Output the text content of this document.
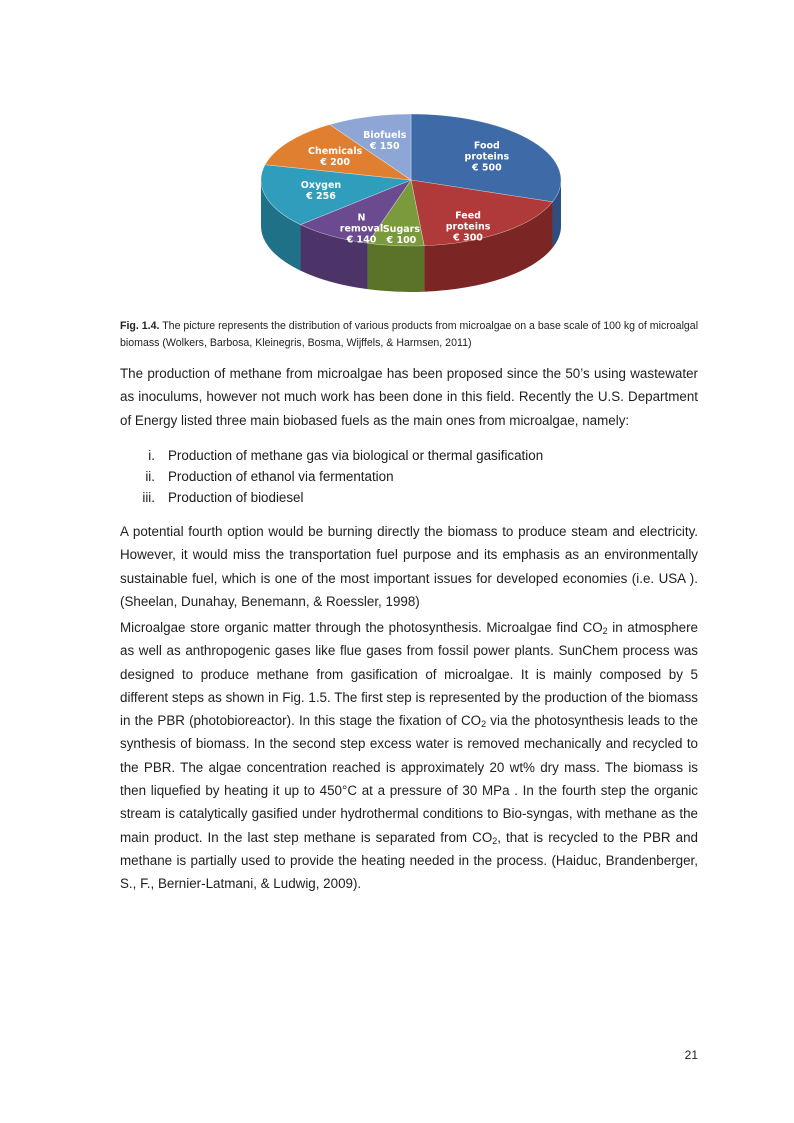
Food
proteins
€ 500
Feed
proteins
€ 300
Sugars
€ 100
N
removal
€ 140
Oxygen
€ 256
Chemicals
€ 200
Biofuels
€ 150
Fig. 1.4. The picture represents the distribution of various products from microalgae on a base scale of 100 kg of microalgal biomass (Wolkers, Barbosa, Kleinegris, Bosma, Wijffels, & Harmsen, 2011)
The production of methane from microalgae has been proposed since the 50’s using wastewater as inoculums, however not much work has been done in this field. Recently the U.S. Department of Energy listed three main biobased fuels as the main ones from microalgae, namely:
i. Production of methane gas via biological or thermal gasification
ii. Production of ethanol via fermentation
iii. Production of biodiesel
A potential fourth option would be burning directly the biomass to produce steam and electricity. However, it would miss the transportation fuel purpose and its emphasis as an environmentally sustainable fuel, which is one of the most important issues for developed economies (i.e. USA ). (Sheelan, Dunahay, Benemann, & Roessler, 1998)
Microalgae store organic matter through the photosynthesis. Microalgae find $CO_2$ in atmosphere as well as anthropogenic gases like flue gases from fossil power plants. SunChem process was designed to produce methane from gasification of microalgae. It is mainly composed by 5 different steps as shown in Fig. 1.5. The first step is represented by the production of the biomass in the PBR (photobioreactor). In this stage the fixation of $CO_2$ via the photosynthesis leads to the synthesis of biomass. In the second step excess water is removed mechanically and recycled to the PBR. The algae concentration reached is approximately 20 wt% dry mass. The biomass is then liquefied by heating it up to 450°C at a pressure of 30 MPa . In the fourth step the organic stream is catalytically gasified under hydrothermal conditions to Bio-syngas, with methane as the main product. In the last step methane is separated from $CO_2$, that is recycled to the PBR and methane is partially used to provide the heating needed in the process. (Haiduc, Brandenberger, S., F., Bernier-Latmani, & Ludwig, 2009).
21
